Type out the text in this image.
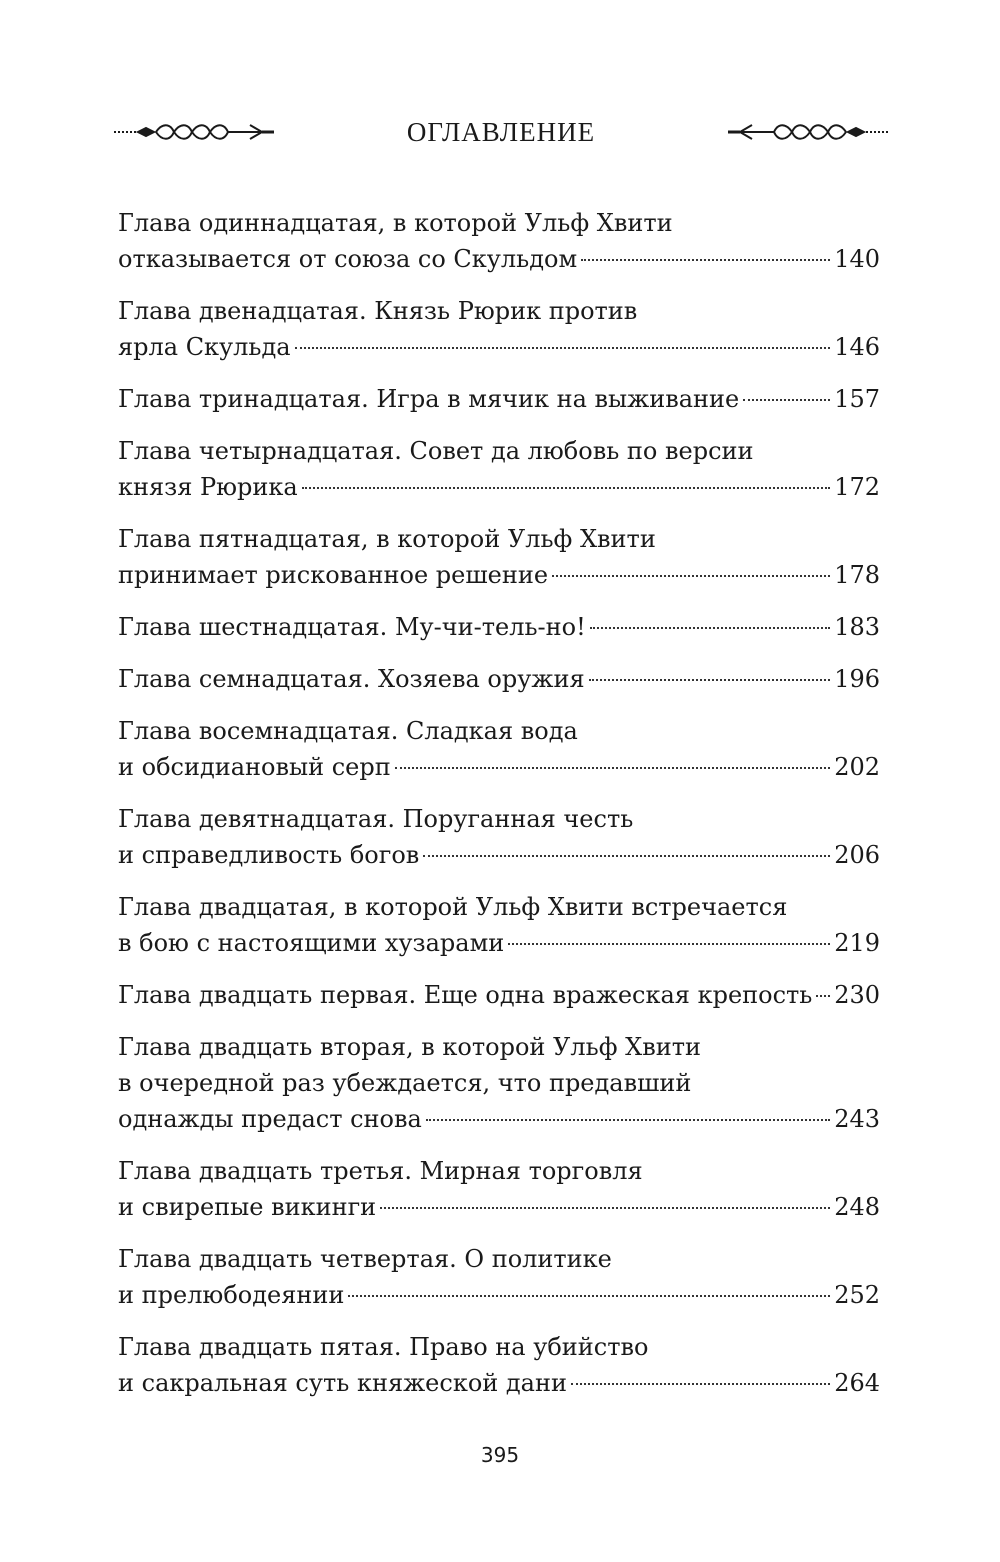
ОГЛАВЛЕНИЕ
Глава одиннадцатая, в которой Ульф Хвити
отказывается от союза со Скульдом	140
Глава двенадцатая. Князь Рюрик против
ярла Скульда	146
Глава тринадцатая. Игра в мячик на выживание	157
Глава четырнадцатая. Совет да любовь по версии
князя Рюрика	172
Глава пятнадцатая, в которой Ульф Хвити
принимает рискованное решение	178
Глава шестнадцатая. Му-чи-тель-но!	183
Глава семнадцатая. Хозяева оружия	196
Глава восемнадцатая. Сладкая вода
и обсидиановый серп	202
Глава девятнадцатая. Поруганная честь
и справедливость богов	206
Глава двадцатая, в которой Ульф Хвити встречается
в бою с настоящими хузарами	219
Глава двадцать первая. Еще одна вражеская крепость 230
Глава двадцать вторая, в которой Ульф Хвити
в очередной раз убеждается, что предавший
однажды предаст снова	243
Глава двадцать третья. Мирная торговля
и свирепые викинги	248
Глава двадцать четвертая. О политике
и прелюбодеянии	252
Глава двадцать пятая. Право на убийство
и сакральная суть княжеской дани	264
395
